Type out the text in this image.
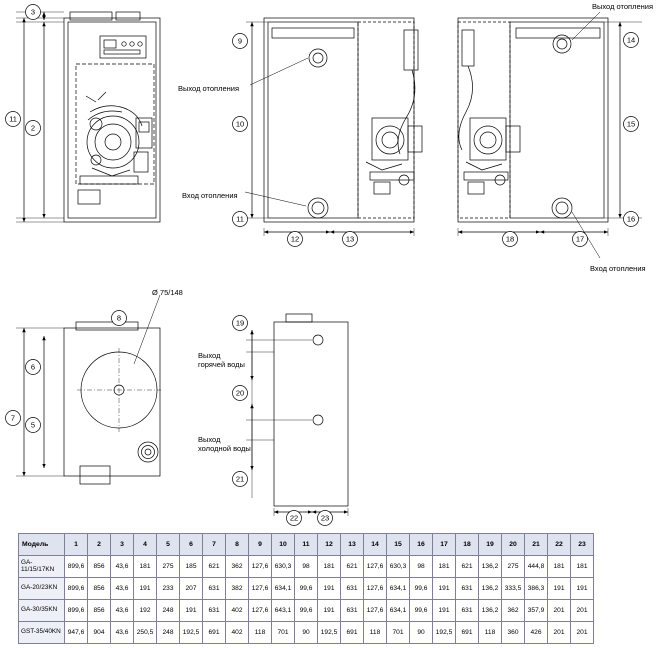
3
11
2
9
10
11
12	13
14
15
16
17
18
8
6
5
7
19
20
21
22	23
Выход отопления
Вход отопления
Выход отопления
Вход отопления
Ø 75/148
Выход
горячей воды
Выход
холодной воды
Модель	1	2	3	4	5	6	7	8	9	10	11	12	13	14	15	16	17	18	19	20	21	22	23
GA-11/15/17KN	899,6	856	43,6	181	275	185	621	362	127,6	630,3	98	181	621	127,6	630,3	98	181	621	136,2	275	444,8	181	181
GA-20/23KN	899,6	856	43,6	191	233	207	631	382	127,6	634,1	99,6	191	631	127,6	634,1	99,6	191	631	136,2	333,5	386,3	191	191
GA-30/35KN	899,6	856	43,6	192	248	191	631	402	127,6	643,1	99,6	191	631	127,6	634,1	99,6	191	631	136,2	362	357,9	201	201
GST-35/40KN	947,6	904	43,6	250,5	248	192,5	691	402	118	701	90	192,5	691	118	701	90	192,5	691	118	360	426	201	201
